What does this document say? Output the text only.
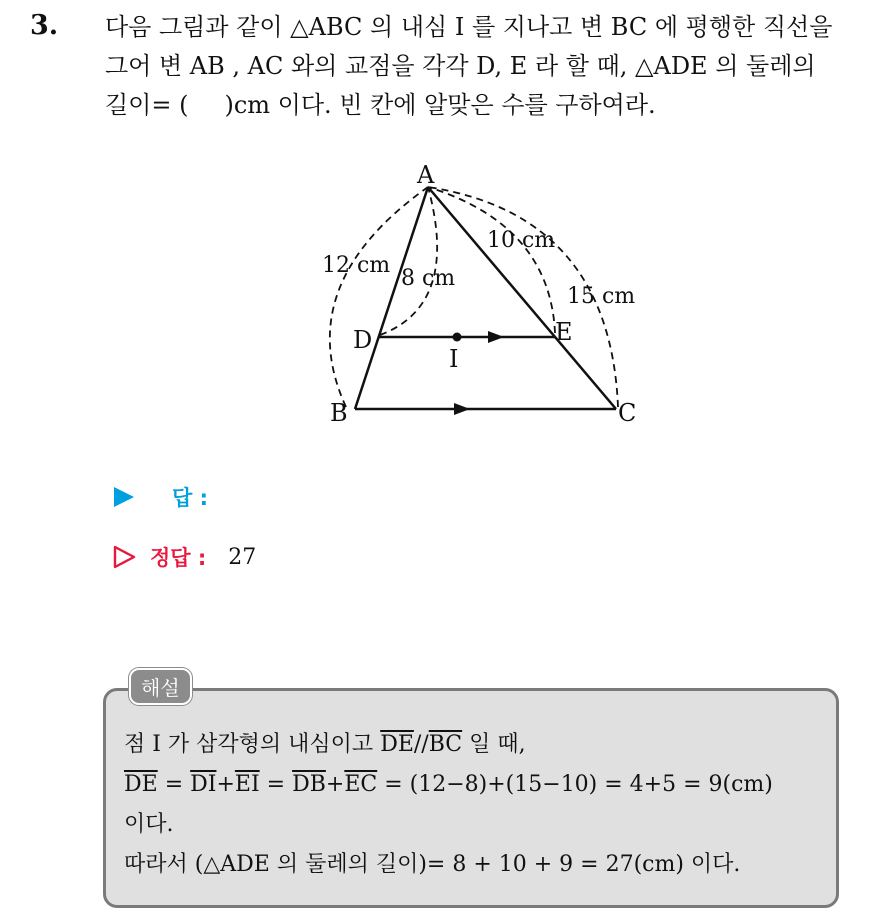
3. 다음 그림과 같이 △ABC 의 내심 I 를 지나고 변 BC 에 평행한 직선을
그어 변 AB , AC 와의 교점을 각각 D, E 라 할 때, △ADE 의 둘레의
길이= ( )cm 이다. 빈 칸에 알맞은 수를 구하여라.
A
B	C
D	E
I
12 cm
8 cm
10 cm
15 cm
답 :
정답 : 27
해설
점 I 가 삼각형의 내심이고 $\overline{DE}//\overline{BC}$ 일 때,
$\overline{DE} = \overline{DI}+\overline{EI} = \overline{DB}+\overline{EC} = (12-8)+(15-10) = 4+5 = 9(cm)$
이다.
따라서 (△ADE 의 둘레의 길이)= 8 + 10 + 9 = 27(cm) 이다.
